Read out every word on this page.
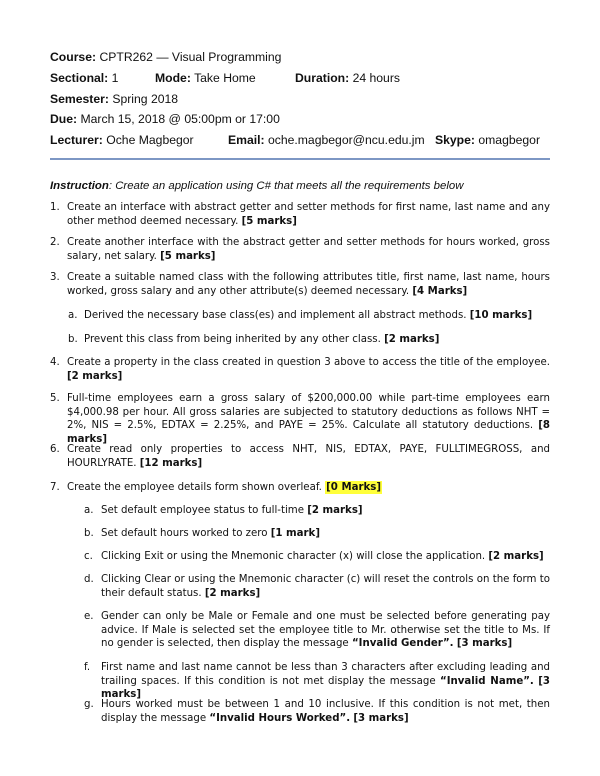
Course: CPTR262 — Visual Programming
Sectional: 1	Mode: Take Home	Duration: 24 hours
Semester: Spring 2018
Due: March 15, 2018 @ 05:00pm or 17:00
Lecturer: Oche Magbegor	Email: oche.magbegor@ncu.edu.jm Skype: omagbegor
Instruction: Create an application using C# that meets all the requirements below
1. Create an interface with abstract getter and setter methods for first name, last name and any other method deemed necessary. [5 marks]
2. Create another interface with the abstract getter and setter methods for hours worked, gross salary, net salary. [5 marks]
3. Create a suitable named class with the following attributes title, first name, last name, hours worked, gross salary and any other attribute(s) deemed necessary. [4 Marks]
a. Derived the necessary base class(es) and implement all abstract methods. [10 marks]
b. Prevent this class from being inherited by any other class. [2 marks]
4. Create a property in the class created in question 3 above to access the title of the employee. [2 marks]
5. Full-time employees earn a gross salary of $200,000.00 while part-time employees earn $4,000.98 per hour. All gross salaries are subjected to statutory deductions as follows NHT = 2%, NIS = 2.5%, EDTAX = 2.25%, and PAYE = 25%. Calculate all statutory deductions. [8 marks]
6. Create read only properties to access NHT, NIS, EDTAX, PAYE, FULLTIMEGROSS, and HOURLYRATE. [12 marks]
7. Create the employee details form shown overleaf. [0 Marks]
a. Set default employee status to full-time [2 marks]
b. Set default hours worked to zero [1 mark]
c. Clicking Exit or using the Mnemonic character (x) will close the application. [2 marks]
d. Clicking Clear or using the Mnemonic character (c) will reset the controls on the form to their default status. [2 marks]
e. Gender can only be Male or Female and one must be selected before generating pay advice. If Male is selected set the employee title to Mr. otherwise set the title to Ms. If no gender is selected, then display the message “Invalid Gender”. [3 marks]
f. First name and last name cannot be less than 3 characters after excluding leading and trailing spaces. If this condition is not met display the message “Invalid Name”. [3 marks]
g. Hours worked must be between 1 and 10 inclusive. If this condition is not met, then display the message “Invalid Hours Worked”. [3 marks]
